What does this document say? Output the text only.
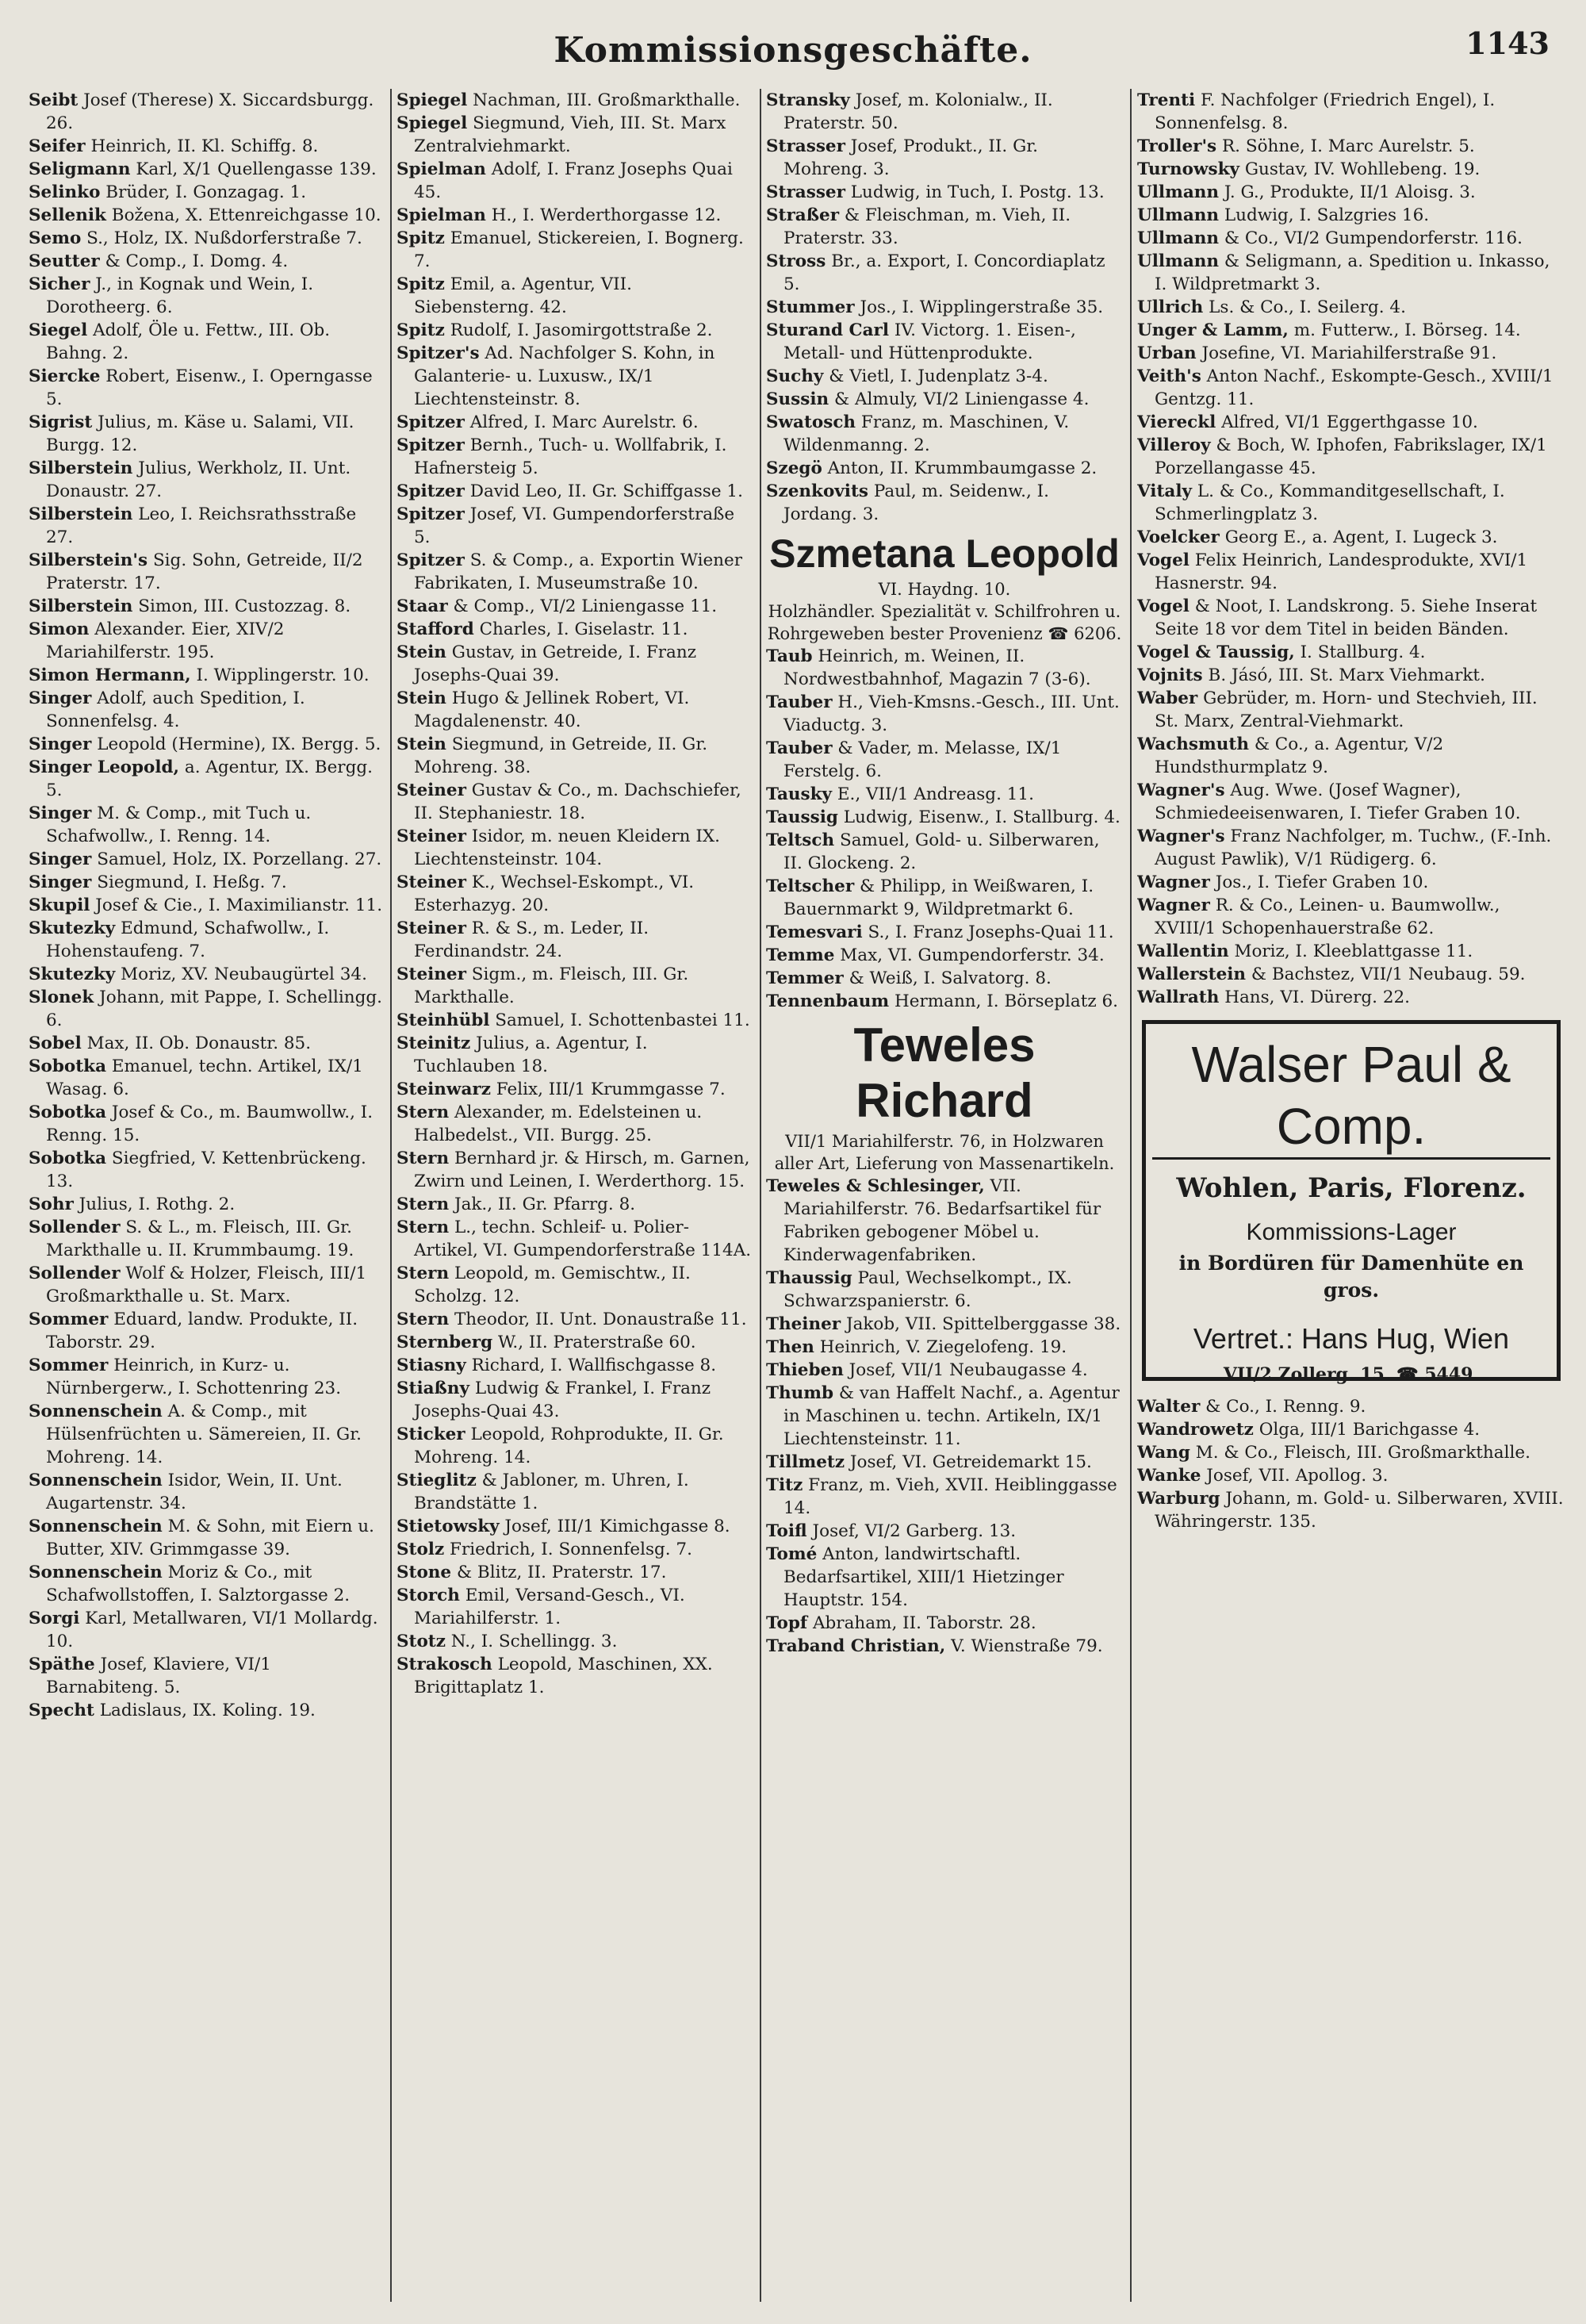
Kommissionsgeschäfte.	1143

Seibt Josef (Therese) X. Siccardsburgg. 26.

Seifer Heinrich, II. Kl. Schiffg. 8.

Seligmann Karl, X/1 Quellengasse 139.

Selinko Brüder, I. Gonzagag. 1.

Sellenik Božena, X. Ettenreichgasse 10.

Semo S., Holz, IX. Nußdorferstraße 7.

Seutter & Comp., I. Domg. 4.

Sicher J., in Kognak und Wein, I. Dorotheerg. 6.

Siegel Adolf, Öle u. Fettw., III. Ob. Bahng. 2.

Siercke Robert, Eisenw., I. Operngasse 5.

Sigrist Julius, m. Käse u. Salami, VII. Burgg. 12.

Silberstein Julius, Werkholz, II. Unt. Donaustr. 27.

Silberstein Leo, I. Reichsrathsstraße 27.

Silberstein's Sig. Sohn, Getreide, II/2 Praterstr. 17.

Silberstein Simon, III. Custozzag. 8.

Simon Alexander. Eier, XIV/2 Mariahilferstr. 195.

Simon Hermann, I. Wipplingerstr. 10.

Singer Adolf, auch Spedition, I. Sonnenfelsg. 4.

Singer Leopold (Hermine), IX. Bergg. 5.

Singer Leopold, a. Agentur, IX. Bergg. 5.

Singer M. & Comp., mit Tuch u. Schafwollw., I. Renng. 14.

Singer Samuel, Holz, IX. Porzellang. 27.

Singer Siegmund, I. Heßg. 7.

Skupil Josef & Cie., I. Maximilianstr. 11.

Skutezky Edmund, Schafwollw., I. Hohenstaufeng. 7.

Skutezky Moriz, XV. Neubaugürtel 34.

Slonek Johann, mit Pappe, I. Schellingg. 6.

Sobel Max, II. Ob. Donaustr. 85.

Sobotka Emanuel, techn. Artikel, IX/1 Wasag. 6.

Sobotka Josef & Co., m. Baumwollw., I. Renng. 15.

Sobotka Siegfried, V. Kettenbrückeng. 13.

Sohr Julius, I. Rothg. 2.

Sollender S. & L., m. Fleisch, III. Gr. Markthalle u. II. Krummbaumg. 19.

Sollender Wolf & Holzer, Fleisch, III/1 Großmarkthalle u. St. Marx.

Sommer Eduard, landw. Produkte, II. Taborstr. 29.

Sommer Heinrich, in Kurz- u. Nürnbergerw., I. Schottenring 23.

Sonnenschein A. & Comp., mit Hülsenfrüchten u. Sämereien, II. Gr. Mohreng. 14.

Sonnenschein Isidor, Wein, II. Unt. Augartenstr. 34.

Sonnenschein M. & Sohn, mit Eiern u. Butter, XIV. Grimmgasse 39.

Sonnenschein Moriz & Co., mit Schafwollstoffen, I. Salztorgasse 2.

Sorgi Karl, Metallwaren, VI/1 Mollardg. 10.

Späthe Josef, Klaviere, VI/1 Barnabiteng. 5.

Specht Ladislaus, IX. Koling. 19.

Spiegel Nachman, III. Großmarkthalle.

Spiegel Siegmund, Vieh, III. St. Marx Zentralviehmarkt.

Spielman Adolf, I. Franz Josephs Quai 45.

Spielman H., I. Werderthorgasse 12.

Spitz Emanuel, Stickereien, I. Bognerg. 7.

Spitz Emil, a. Agentur, VII. Siebensterng. 42.

Spitz Rudolf, I. Jasomirgottstraße 2.

Spitzer's Ad. Nachfolger S. Kohn, in Galanterie- u. Luxusw., IX/1 Liechtensteinstr. 8.

Spitzer Alfred, I. Marc Aurelstr. 6.

Spitzer Bernh., Tuch- u. Wollfabrik, I. Hafnersteig 5.

Spitzer David Leo, II. Gr. Schiffgasse 1.

Spitzer Josef, VI. Gumpendorferstraße 5.

Spitzer S. & Comp., a. Exportin Wiener Fabrikaten, I. Museumstraße 10.

Staar & Comp., VI/2 Liniengasse 11.

Stafford Charles, I. Giselastr. 11.

Stein Gustav, in Getreide, I. Franz Josephs-Quai 39.

Stein Hugo & Jellinek Robert, VI. Magdalenenstr. 40.

Stein Siegmund, in Getreide, II. Gr. Mohreng. 38.

Steiner Gustav & Co., m. Dachschiefer, II. Stephaniestr. 18.

Steiner Isidor, m. neuen Kleidern IX. Liechtensteinstr. 104.

Steiner K., Wechsel-Eskompt., VI. Esterhazyg. 20.

Steiner R. & S., m. Leder, II. Ferdinandstr. 24.

Steiner Sigm., m. Fleisch, III. Gr. Markthalle.

Steinhübl Samuel, I. Schottenbastei 11.

Steinitz Julius, a. Agentur, I. Tuchlauben 18.

Steinwarz Felix, III/1 Krummgasse 7.

Stern Alexander, m. Edelsteinen u. Halbedelst., VII. Burgg. 25.

Stern Bernhard jr. & Hirsch, m. Garnen, Zwirn und Leinen, I. Werderthorg. 15.

Stern Jak., II. Gr. Pfarrg. 8.

Stern L., techn. Schleif- u. Polier-Artikel, VI. Gumpendorferstraße 114A.

Stern Leopold, m. Gemischtw., II. Scholzg. 12.

Stern Theodor, II. Unt. Donaustraße 11.

Sternberg W., II. Praterstraße 60.

Stiasny Richard, I. Wallfischgasse 8.

Stiaßny Ludwig & Frankel, I. Franz Josephs-Quai 43.

Sticker Leopold, Rohprodukte, II. Gr. Mohreng. 14.

Stieglitz & Jabloner, m. Uhren, I. Brandstätte 1.

Stietowsky Josef, III/1 Kimichgasse 8.

Stolz Friedrich, I. Sonnenfelsg. 7.

Stone & Blitz, II. Praterstr. 17.

Storch Emil, Versand-Gesch., VI. Mariahilferstr. 1.

Stotz N., I. Schellingg. 3.

Strakosch Leopold, Maschinen, XX. Brigittaplatz 1.

Stransky Josef, m. Kolonialw., II. Praterstr. 50.

Strasser Josef, Produkt., II. Gr. Mohreng. 3.

Strasser Ludwig, in Tuch, I. Postg. 13.

Straßer & Fleischman, m. Vieh, II. Praterstr. 33.

Stross Br., a. Export, I. Concordiaplatz 5.

Stummer Jos., I. Wipplingerstraße 35.

Sturand Carl IV. Victorg. 1. Eisen-, Metall- und Hüttenprodukte.

Suchy & Vietl, I. Judenplatz 3-4.

Sussin & Almuly, VI/2 Liniengasse 4.

Swatosch Franz, m. Maschinen, V. Wildenmanng. 2.

Szegö Anton, II. Krummbaumgasse 2.

Szenkovits Paul, m. Seidenw., I. Jordang. 3.

Szmetana Leopold
VI. Haydng. 10.
Holzhändler. Spezialität v. Schilfrohren u. Rohrgeweben bester Provenienz ☎ 6206.

Taub Heinrich, m. Weinen, II. Nordwestbahnhof, Magazin 7 (3-6).

Tauber H., Vieh-Kmsns.-Gesch., III. Unt. Viaductg. 3.

Tauber & Vader, m. Melasse, IX/1 Ferstelg. 6.

Tausky E., VII/1 Andreasg. 11.

Taussig Ludwig, Eisenw., I. Stallburg. 4.

Teltsch Samuel, Gold- u. Silberwaren, II. Glockeng. 2.

Teltscher & Philipp, in Weißwaren, I. Bauernmarkt 9, Wildpretmarkt 6.

Temesvari S., I. Franz Josephs-Quai 11.

Temme Max, VI. Gumpendorferstr. 34.

Temmer & Weiß, I. Salvatorg. 8.

Tennenbaum Hermann, I. Börseplatz 6.

Teweles Richard
VII/1 Mariahilferstr. 76, in Holzwaren aller Art, Lieferung von Massenartikeln.

Teweles & Schlesinger, VII. Mariahilferstr. 76. Bedarfsartikel für Fabriken gebogener Möbel u. Kinderwagenfabriken.

Thaussig Paul, Wechselkompt., IX. Schwarzspanierstr. 6.

Theiner Jakob, VII. Spittelberggasse 38.

Then Heinrich, V. Ziegelofeng. 19.

Thieben Josef, VII/1 Neubaugasse 4.

Thumb & van Haffelt Nachf., a. Agentur in Maschinen u. techn. Artikeln, IX/1 Liechtensteinstr. 11.

Tillmetz Josef, VI. Getreidemarkt 15.

Titz Franz, m. Vieh, XVII. Heiblinggasse 14.

Toifl Josef, VI/2 Garberg. 13.

Tomé Anton, landwirtschaftl. Bedarfsartikel, XIII/1 Hietzinger Hauptstr. 154.

Topf Abraham, II. Taborstr. 28.

Traband Christian, V. Wienstraße 79.

Trenti F. Nachfolger (Friedrich Engel), I. Sonnenfelsg. 8.

Troller's R. Söhne, I. Marc Aurelstr. 5.

Turnowsky Gustav, IV. Wohllebeng. 19.

Ullmann J. G., Produkte, II/1 Aloisg. 3.

Ullmann Ludwig, I. Salzgries 16.

Ullmann & Co., VI/2 Gumpendorferstr. 116.

Ullmann & Seligmann, a. Spedition u. Inkasso, I. Wildpretmarkt 3.

Ullrich Ls. & Co., I. Seilerg. 4.

Unger & Lamm, m. Futterw., I. Börseg. 14.

Urban Josefine, VI. Mariahilferstraße 91.

Veith's Anton Nachf., Eskompte-Gesch., XVIII/1 Gentzg. 11.

Viereckl Alfred, VI/1 Eggerthgasse 10.

Villeroy & Boch, W. Iphofen, Fabrikslager, IX/1 Porzellangasse 45.

Vitaly L. & Co., Kommanditgesellschaft, I. Schmerlingplatz 3.

Voelcker Georg E., a. Agent, I. Lugeck 3.

Vogel Felix Heinrich, Landesprodukte, XVI/1 Hasnerstr. 94.

Vogel & Noot, I. Landskrong. 5. Siehe Inserat Seite 18 vor dem Titel in beiden Bänden.

Vogel & Taussig, I. Stallburg. 4.

Vojnits B. Jásó, III. St. Marx Viehmarkt.

Waber Gebrüder, m. Horn- und Stechvieh, III. St. Marx, Zentral-Viehmarkt.

Wachsmuth & Co., a. Agentur, V/2 Hundsthurmplatz 9.

Wagner's Aug. Wwe. (Josef Wagner), Schmiedeeisenwaren, I. Tiefer Graben 10.

Wagner's Franz Nachfolger, m. Tuchw., (F.-Inh. August Pawlik), V/1 Rüdigerg. 6.

Wagner Jos., I. Tiefer Graben 10.

Wagner R. & Co., Leinen- u. Baumwollw., XVIII/1 Schopenhauerstraße 62.

Wallentin Moriz, I. Kleeblattgasse 11.

Wallerstein & Bachstez, VII/1 Neubaug. 59.

Wallrath Hans, VI. Dürerg. 22.

Walser Paul & Comp.
Wohlen, Paris, Florenz.
Kommissions-Lager
in Bordüren für Damenhüte en gros.
Vertret.: Hans Hug, Wien
VII/2 Zollerg. 15. ☎ 5449.

Walter & Co., I. Renng. 9.

Wandrowetz Olga, III/1 Barichgasse 4.

Wang M. & Co., Fleisch, III. Großmarkthalle.

Wanke Josef, VII. Apollog. 3.

Warburg Johann, m. Gold- u. Silberwaren, XVIII. Währingerstr. 135.
